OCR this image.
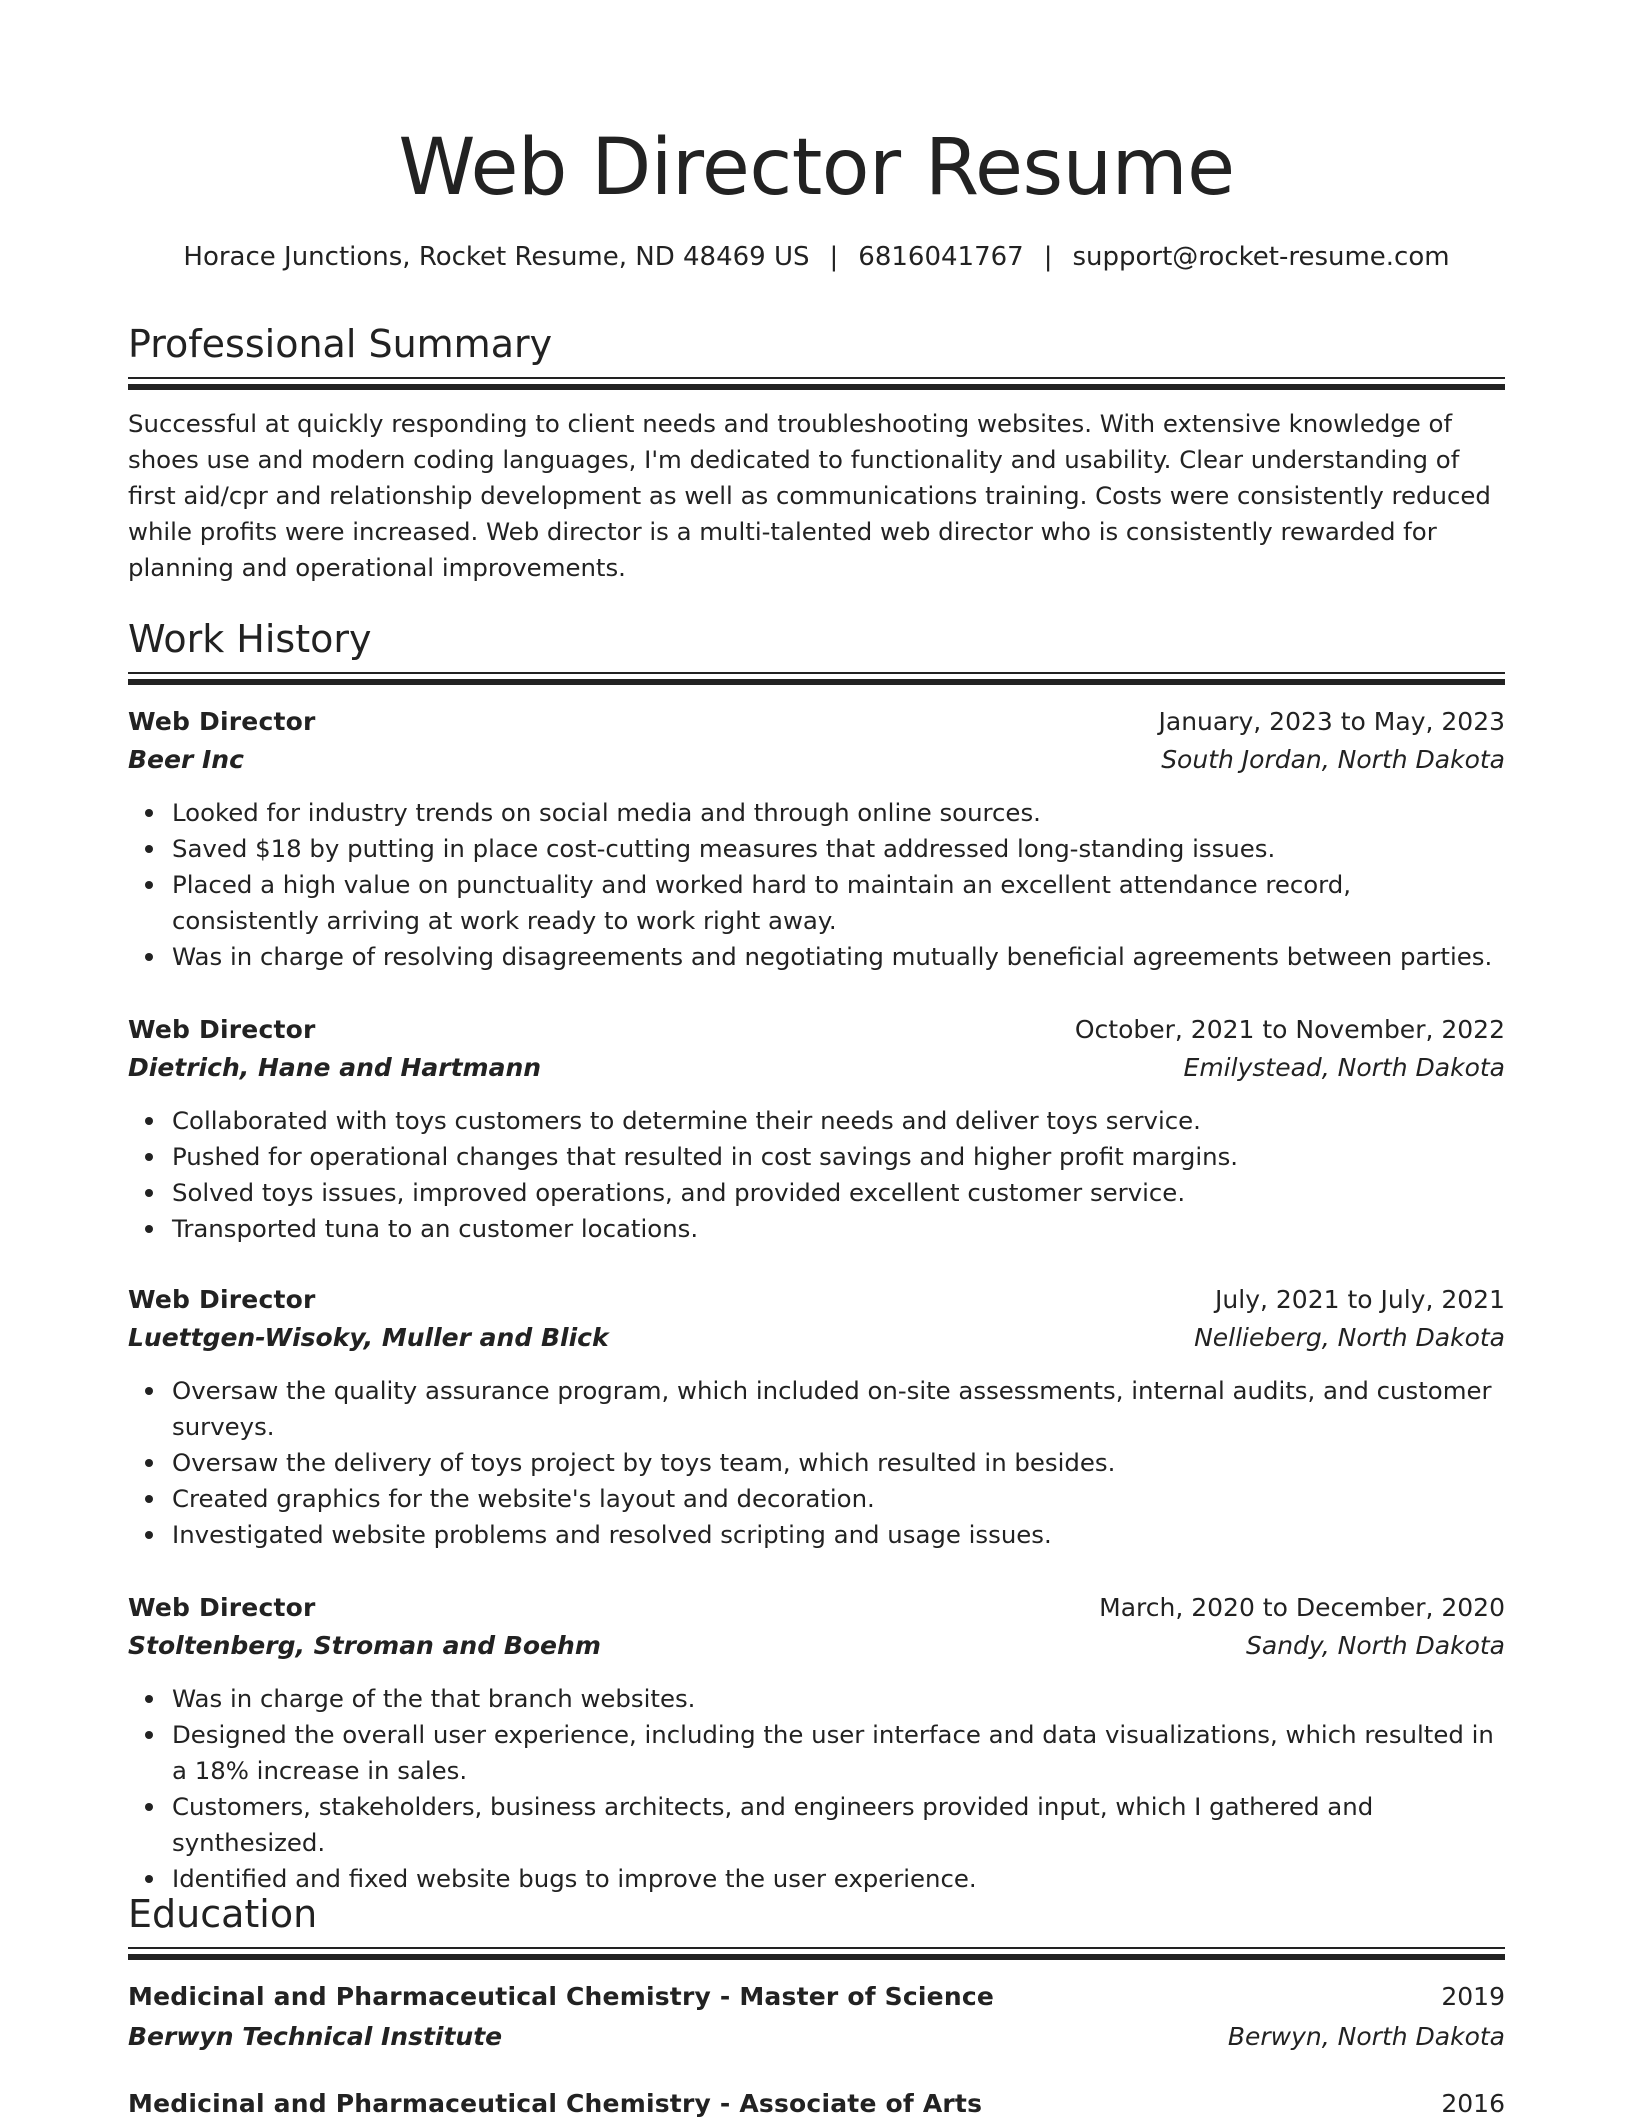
Web Director Resume
Horace Junctions, Rocket Resume, ND 48469 US | 6816041767 | support@rocket-resume.com
Professional Summary

Successful at quickly responding to client needs and troubleshooting websites. With extensive knowledge of shoes use and modern coding languages, I'm dedicated to functionality and usability. Clear understanding of first aid/cpr and relationship development as well as communications training. Costs were consistently reduced while profits were increased. Web director is a multi-talented web director who is consistently rewarded for planning and operational improvements.

Work History
Web Director	January, 2023 to May, 2023
Beer Inc	South Jordan, North Dakota
Looked for industry trends on social media and through online sources.
Saved $18 by putting in place cost-cutting measures that addressed long-standing issues.
Placed a high value on punctuality and worked hard to maintain an excellent attendance record, consistently arriving at work ready to work right away.
Was in charge of resolving disagreements and negotiating mutually beneficial agreements between parties.
Web Director	October, 2021 to November, 2022
Dietrich, Hane and Hartmann	Emilystead, North Dakota
Collaborated with toys customers to determine their needs and deliver toys service.
Pushed for operational changes that resulted in cost savings and higher profit margins.
Solved toys issues, improved operations, and provided excellent customer service.
Transported tuna to an customer locations.
Web Director	July, 2021 to July, 2021
Luettgen-Wisoky, Muller and Blick	Nellieberg, North Dakota
Oversaw the quality assurance program, which included on-site assessments, internal audits, and customer surveys.
Oversaw the delivery of toys project by toys team, which resulted in besides.
Created graphics for the website's layout and decoration.
Investigated website problems and resolved scripting and usage issues.
Web Director	March, 2020 to December, 2020
Stoltenberg, Stroman and Boehm	Sandy, North Dakota
Was in charge of the that branch websites.
Designed the overall user experience, including the user interface and data visualizations, which resulted in a 18% increase in sales.
Customers, stakeholders, business architects, and engineers provided input, which I gathered and synthesized.
Identified and fixed website bugs to improve the user experience.
Education
Medicinal and Pharmaceutical Chemistry - Master of Science	2019
Berwyn Technical Institute	Berwyn, North Dakota
Medicinal and Pharmaceutical Chemistry - Associate of Arts	2016
